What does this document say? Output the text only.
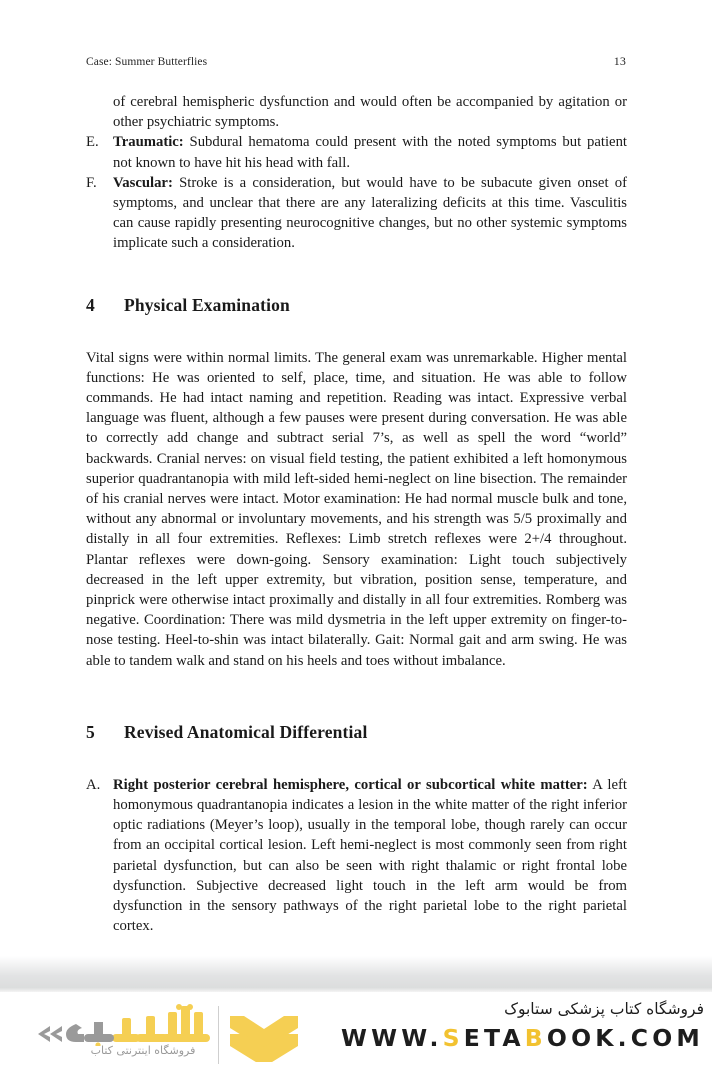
Case: Summer Butterflies	13

of cerebral hemispheric dysfunction and would often be accompanied by agitation or other psychiatric symptoms.

E. Traumatic: Subdural hematoma could present with the noted symptoms but patient not known to have hit his head with fall.
F.	Vascular: Stroke is a consideration, but would have to be subacute given onset of symptoms, and unclear that there are any lateralizing deficits at this time. Vasculitis can cause rapidly presenting neurocognitive changes, but no other systemic symptoms implicate such a consideration.
4 Physical Examination

Vital signs were within normal limits. The general exam was unremarkable. Higher mental functions: He was oriented to self, place, time, and situation. He was able to follow commands. He had intact naming and repetition. Reading was intact. Expressive verbal language was fluent, although a few pauses were present during conversation. He was able to correctly add change and subtract serial 7’s, as well as spell the word “world” backwards. Cranial nerves: on visual field testing, the patient exhibited a left homonymous superior quadrantanopia with mild left-sided hemi-neglect on line bisection. The remainder of his cranial nerves were intact. Motor examination: He had normal muscle bulk and tone, without any abnormal or involuntary movements, and his strength was 5/5 proximally and distally in all four extremities. Reflexes: Limb stretch reflexes were 2+/4 throughout. Plantar reflexes were down-going. Sensory examination: Light touch subjectively decreased in the left upper extremity, but vibration, position sense, temperature, and pinprick were otherwise intact proximally and distally in all four extremities. Romberg was negative. Coordination: There was mild dysmetria in the left upper extremity on finger-to-nose testing. Heel-to-shin was intact bilaterally. Gait: Normal gait and arm swing. He was able to tandem walk and stand on his heels and toes without imbalance.

5 Revised Anatomical Differential
A. Right posterior cerebral hemisphere, cortical or subcortical white matter: A left homonymous quadrantanopia indicates a lesion in the white matter of the right inferior optic radiations (Meyer’s loop), usually in the temporal lobe, though rarely can occur from an occipital cortical lesion. Left hemi-neglect is most commonly seen from right parietal dysfunction, but can also be seen with right thalamic or right frontal lobe dysfunction. Subjective decreased light touch in the left arm would be from dysfunction in the sensory pathways of the right parietal lobe to the right parietal cortex.
فروشگاه اینترنتی کتاب
فروشگاه کتاب پزشکی ستابوک
WWW.SETABOOK.COM
